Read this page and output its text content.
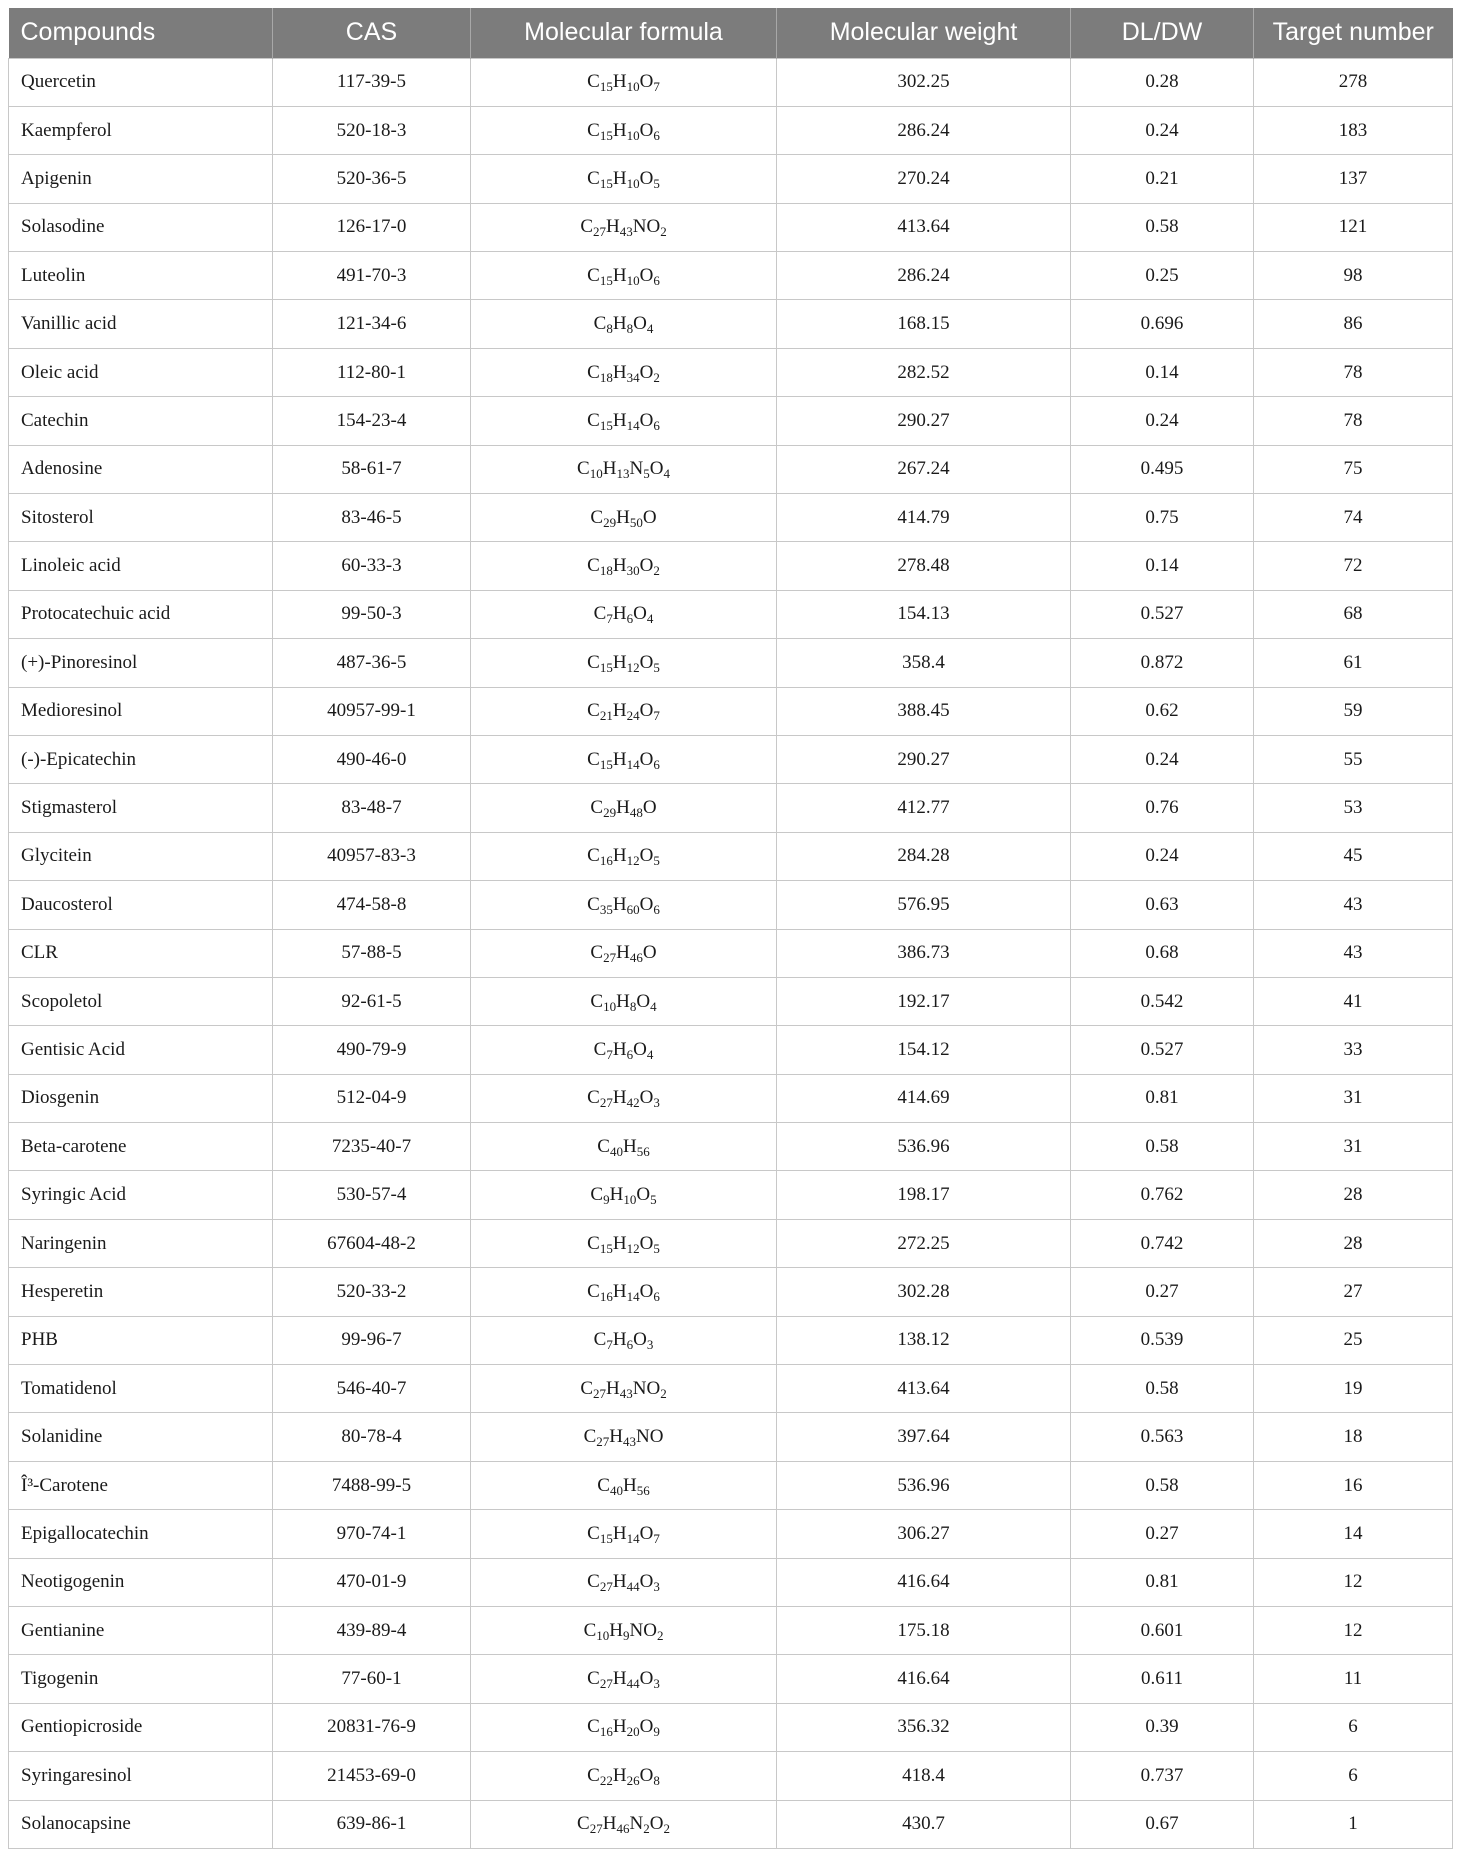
Compounds	CAS	Molecular formula	Molecular weight	DL/DW	Target number
Quercetin	117-39-5	$C_{15}H_{10}O_7$	302.25	0.28	278
Kaempferol	520-18-3	$C_{15}H_{10}O_6$	286.24	0.24	183
Apigenin	520-36-5	$C_{15}H_{10}O_5$	270.24	0.21	137
Solasodine	126-17-0	$C_{27}H_{43}NO_2$	413.64	0.58	121
Luteolin	491-70-3	$C_{15}H_{10}O_6$	286.24	0.25	98
Vanillic acid	121-34-6	$C_8H_8O_4$	168.15	0.696	86
Oleic acid	112-80-1	$C_{18}H_{34}O_2$	282.52	0.14	78
Catechin	154-23-4	$C_{15}H_{14}O_6$	290.27	0.24	78
Adenosine	58-61-7	$C_{10}H_{13}N_5O_4$	267.24	0.495	75
Sitosterol	83-46-5	$C_{29}H_{50}O$	414.79	0.75	74
Linoleic acid	60-33-3	$C_{18}H_{30}O_2$	278.48	0.14	72
Protocatechuic acid	99-50-3	$C_7H_6O_4$	154.13	0.527	68
(+)-Pinoresinol	487-36-5	$C_{15}H_{12}O_5$	358.4	0.872	61
Medioresinol	40957-99-1	$C_{21}H_{24}O_7$	388.45	0.62	59
(-)-Epicatechin	490-46-0	$C_{15}H_{14}O_6$	290.27	0.24	55
Stigmasterol	83-48-7	$C_{29}H_{48}O$	412.77	0.76	53
Glycitein	40957-83-3	$C_{16}H_{12}O_5$	284.28	0.24	45
Daucosterol	474-58-8	$C_{35}H_{60}O_6$	576.95	0.63	43
CLR	57-88-5	$C_{27}H_{46}O$	386.73	0.68	43
Scopoletol	92-61-5	$C_{10}H_8O_4$	192.17	0.542	41
Gentisic Acid	490-79-9	$C_7H_6O_4$	154.12	0.527	33
Diosgenin	512-04-9	$C_{27}H_{42}O_3$	414.69	0.81	31
Beta-carotene	7235-40-7	$C_{40}H_{56}$	536.96	0.58	31
Syringic Acid	530-57-4	$C_9H_{10}O_5$	198.17	0.762	28
Naringenin	67604-48-2	$C_{15}H_{12}O_5$	272.25	0.742	28
Hesperetin	520-33-2	$C_{16}H_{14}O_6$	302.28	0.27	27
PHB	99-96-7	$C_7H_6O_3$	138.12	0.539	25
Tomatidenol	546-40-7	$C_{27}H_{43}NO_2$	413.64	0.58	19
Solanidine	80-78-4	$C_{27}H_{43}NO$	397.64	0.563	18
Î³-Carotene	7488-99-5	$C_{40}H_{56}$	536.96	0.58	16
Epigallocatechin	970-74-1	$C_{15}H_{14}O_7$	306.27	0.27	14
Neotigogenin	470-01-9	$C_{27}H_{44}O_3$	416.64	0.81	12
Gentianine	439-89-4	$C_{10}H_9NO_2$	175.18	0.601	12
Tigogenin	77-60-1	$C_{27}H_{44}O_3$	416.64	0.611	11
Gentiopicroside	20831-76-9	$C_{16}H_{20}O_9$	356.32	0.39	6
Syringaresinol	21453-69-0	$C_{22}H_{26}O_8$	418.4	0.737	6
Solanocapsine	639-86-1	$C_{27}H_{46}N_2O_2$	430.7	0.67	1
